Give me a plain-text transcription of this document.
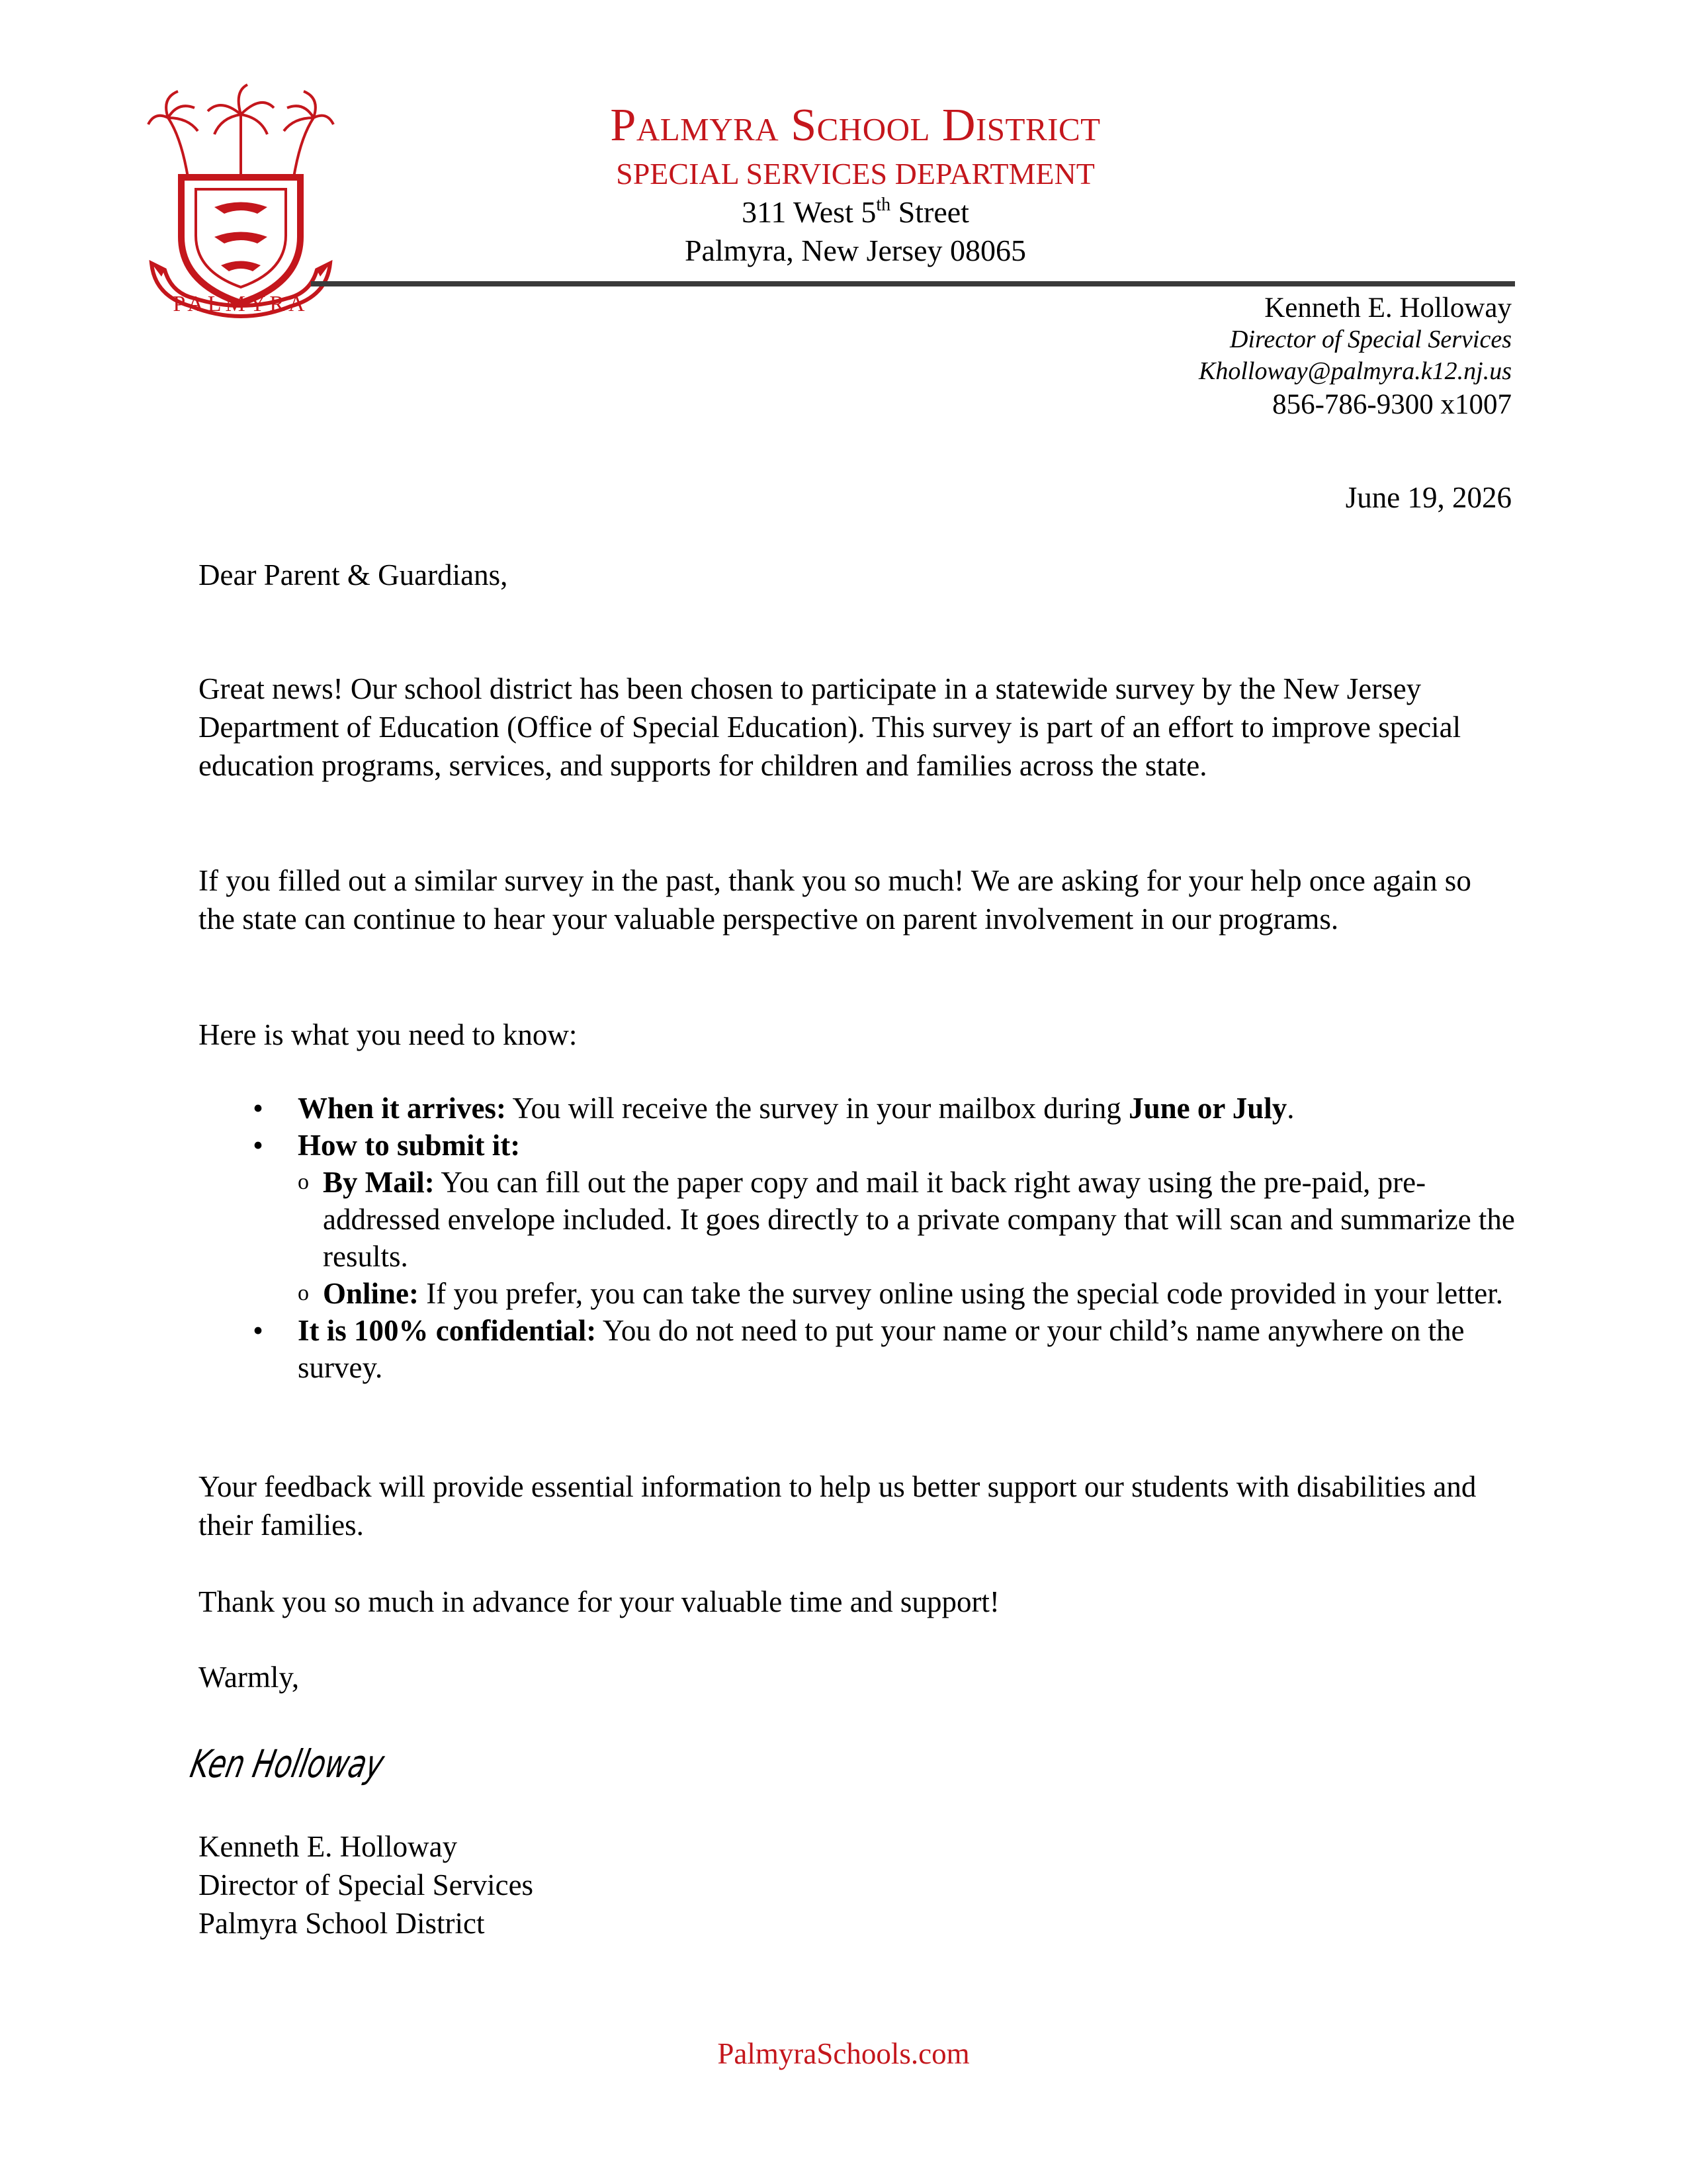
PALMYRA
Palmyra School District
SPECIAL SERVICES DEPARTMENT
311 West 5th Street
Palmyra, New Jersey 08065
Kenneth E. Holloway
Director of Special Services
Kholloway@palmyra.k12.nj.us
856-786-9300 x1007
June 19, 2026
Dear Parent & Guardians,
Great news! Our school district has been chosen to participate in a statewide survey by the New Jersey Department of Education (Office of Special Education). This survey is part of an effort to improve special education programs, services, and supports for children and families across the state.
If you filled out a similar survey in the past, thank you so much! We are asking for your help once again so the state can continue to hear your valuable perspective on parent involvement in our programs.
Here is what you need to know:
• When it arrives: You will receive the survey in your mailbox during June or July.
• How to submit it:
o By Mail: You can fill out the paper copy and mail it back right away using the pre-paid, pre-addressed envelope included. It goes directly to a private company that will scan and summarize the results.
o Online: If you prefer, you can take the survey online using the special code provided in your letter.
• It is 100% confidential: You do not need to put your name or your child’s name anywhere on the survey.
Your feedback will provide essential information to help us better support our students with disabilities and their families.
Thank you so much in advance for your valuable time and support!
Warmly,
Ken Holloway
Kenneth E. Holloway
Director of Special Services
Palmyra School District
PalmyraSchools.com
